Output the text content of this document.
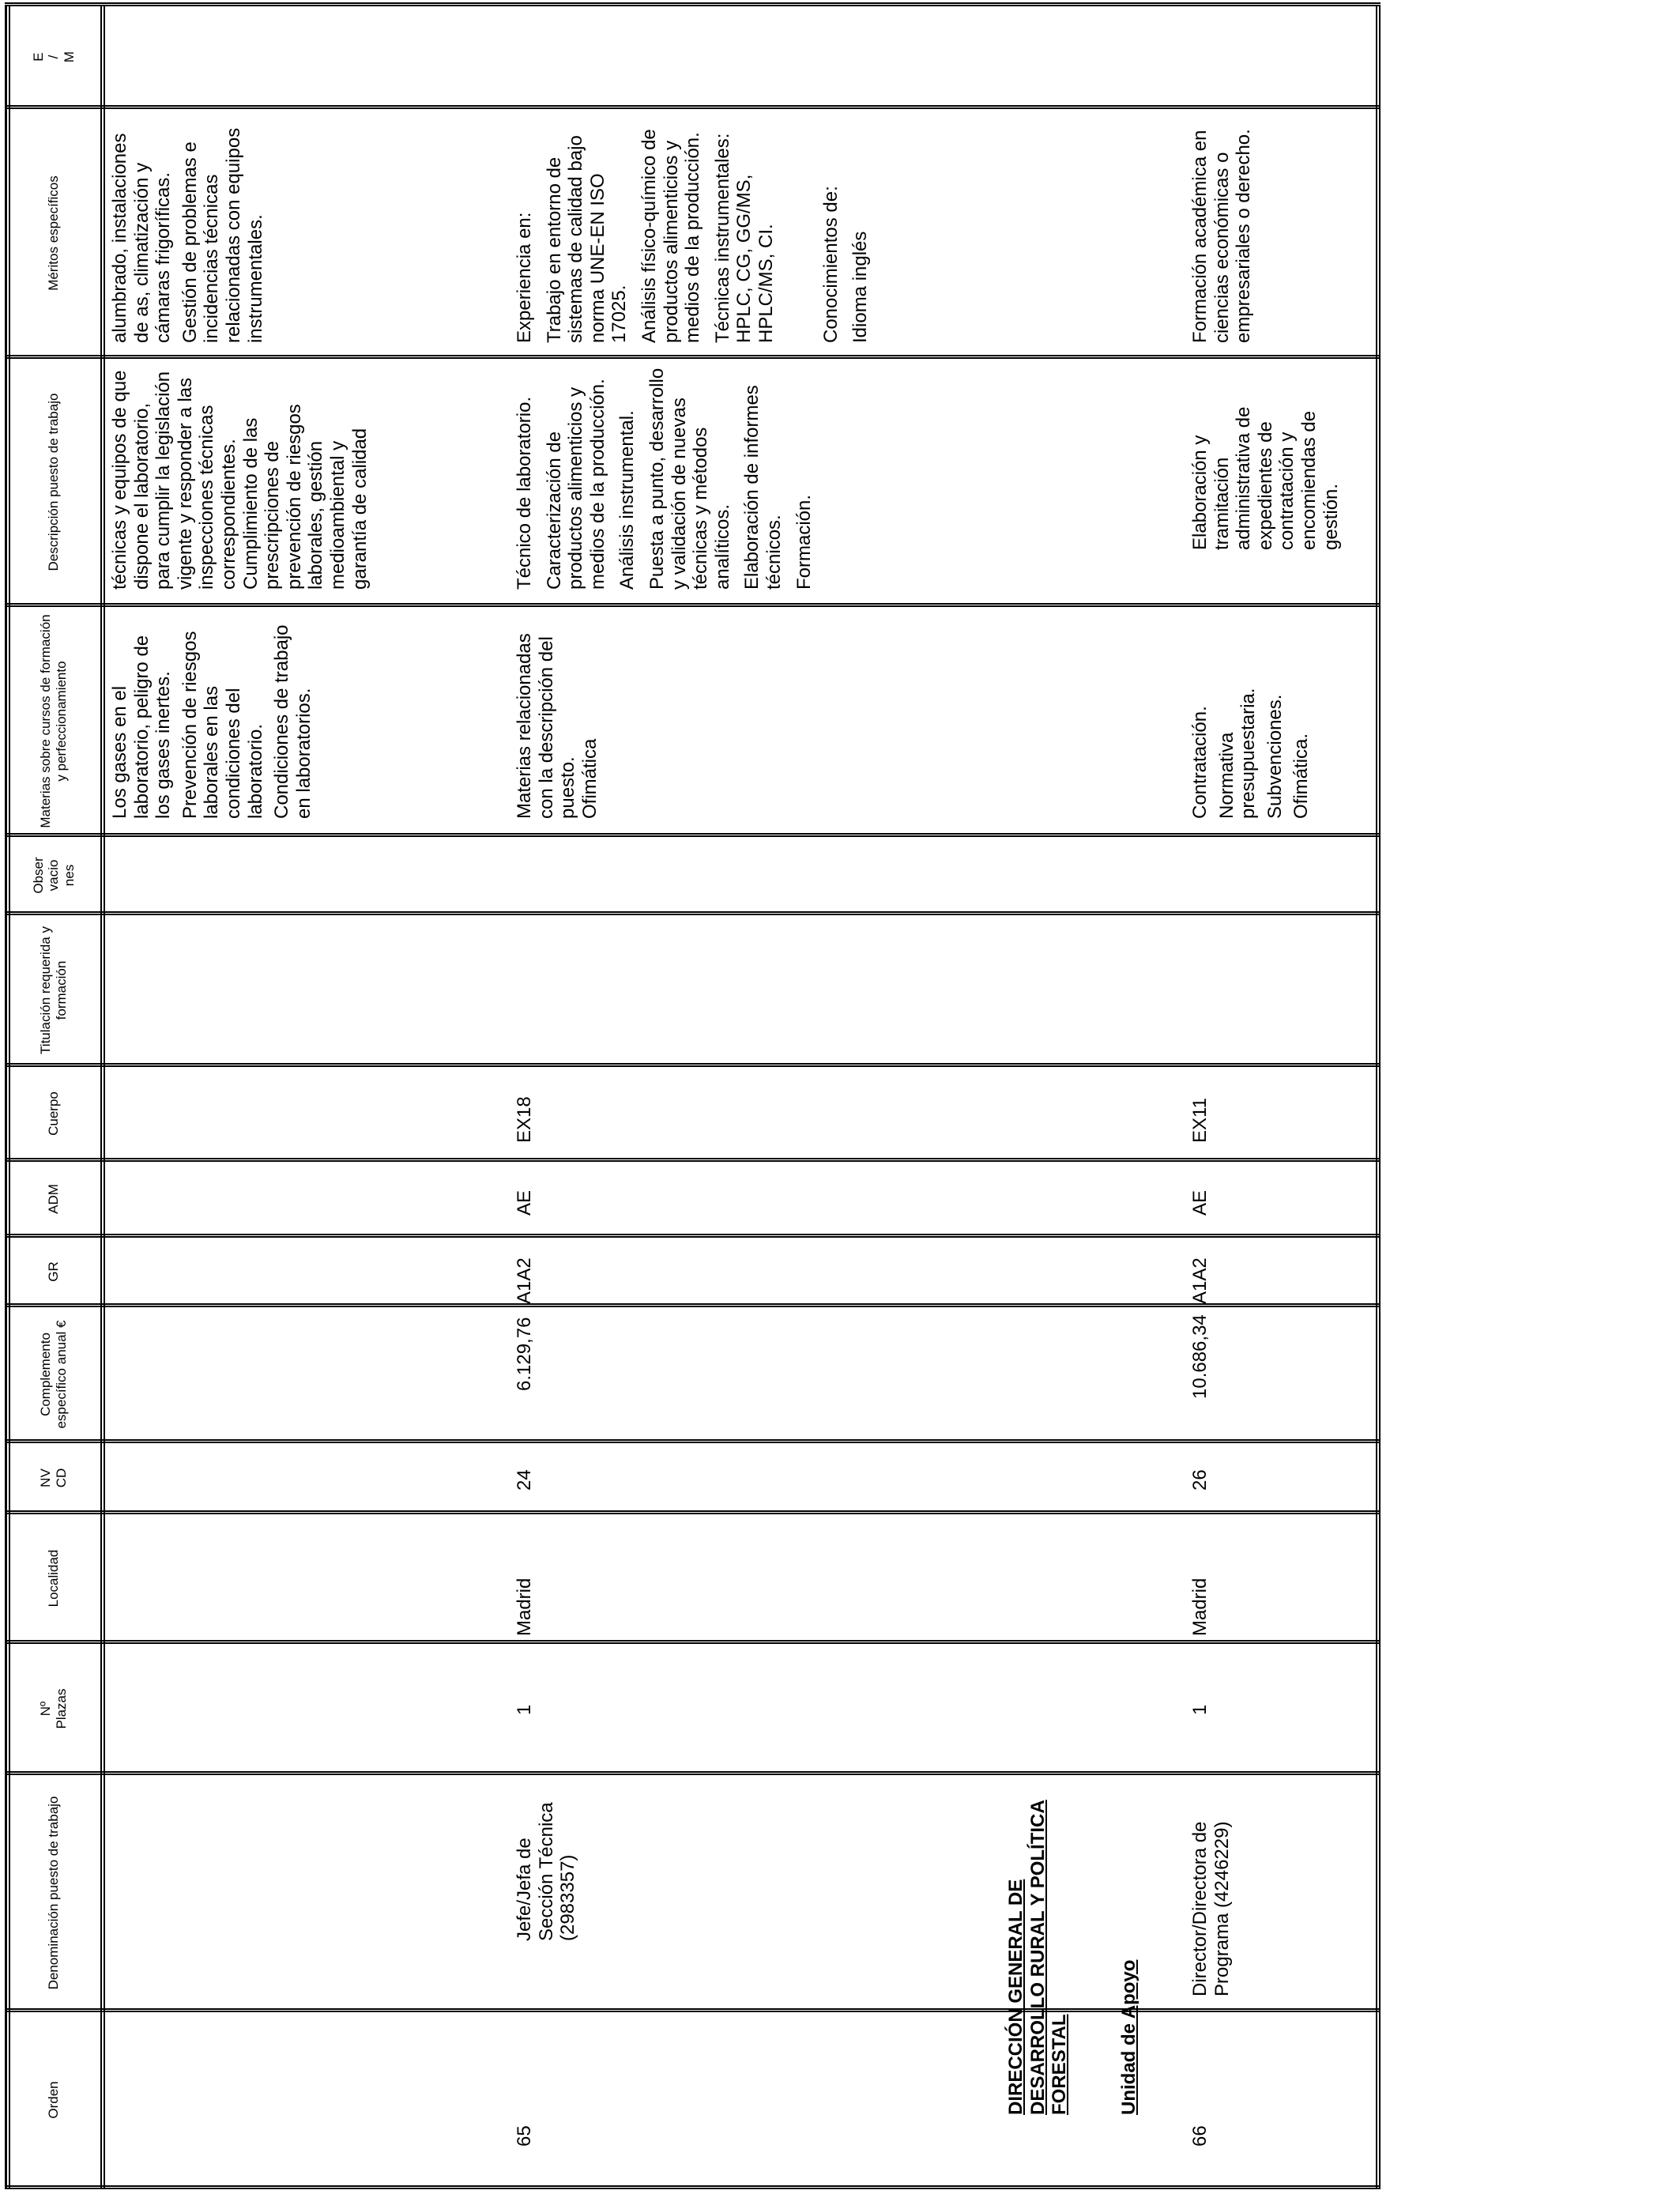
Orden
Denominación puesto de trabajo
Nº
Plazas
Localidad
NV
CD
Complemento específico anual €
GR
ADM
Cuerpo
Titulación requerida y formación
Obser
vacio
nes
Materias sobre cursos de formación y perfeccionamiento
Descripción puesto de trabajo
Méritos específicos
E
/
M
Los gases en el laboratorio, peligro de los gases inertes. Prevención de riesgos laborales en las condiciones del laboratorio. Condiciones de trabajo en laboratorios.
técnicas y equipos de que dispone el laboratorio, para cumplir la legislación vigente y responder a las inspecciones técnicas correspondientes. Cumplimiento de las prescripciones de prevención de riesgos laborales, gestión medioambiental y garantía de calidad
alumbrado, instalaciones de as, climatización y cámaras frigoríficas. Gestión de problemas e incidencias técnicas relacionadas con equipos instrumentales.
65
Jefe/Jefa de Sección Técnica (2983357)
1
Madrid
24
6.129,76
A1A2
AE
EX18
Materias relacionadas con la descripción del puesto. Ofimática
Técnico de laboratorio. Caracterización de productos alimenticios y medios de la producción. Análisis instrumental. Puesta a punto, desarrollo y validación de nuevas técnicas y métodos analíticos. Elaboración de informes técnicos. Formación.
Experiencia en: Trabajo en entorno de sistemas de calidad bajo norma UNE-EN ISO 17025. Análisis físico-químico de productos alimenticios y medios de la producción. Técnicas instrumentales: HPLC, CG, GG/MS, HPLC/MS, CI. Conocimientos de: Idioma inglés
DIRECCIÓN GENERAL DE DESARROLLO RURAL Y POLÍTICA FORESTAL	Unidad de Apoyo
66
Director/Directora de Programa (4246229)
1
Madrid
26
10.686,34
A1A2
AE
EX11
Contratación. Normativa presupuestaria. Subvenciones. Ofimática.
Elaboración y tramitación administrativa de expedientes de contratación y encomiendas de gestión.
Formación académica en ciencias económicas o empresariales o derecho.
